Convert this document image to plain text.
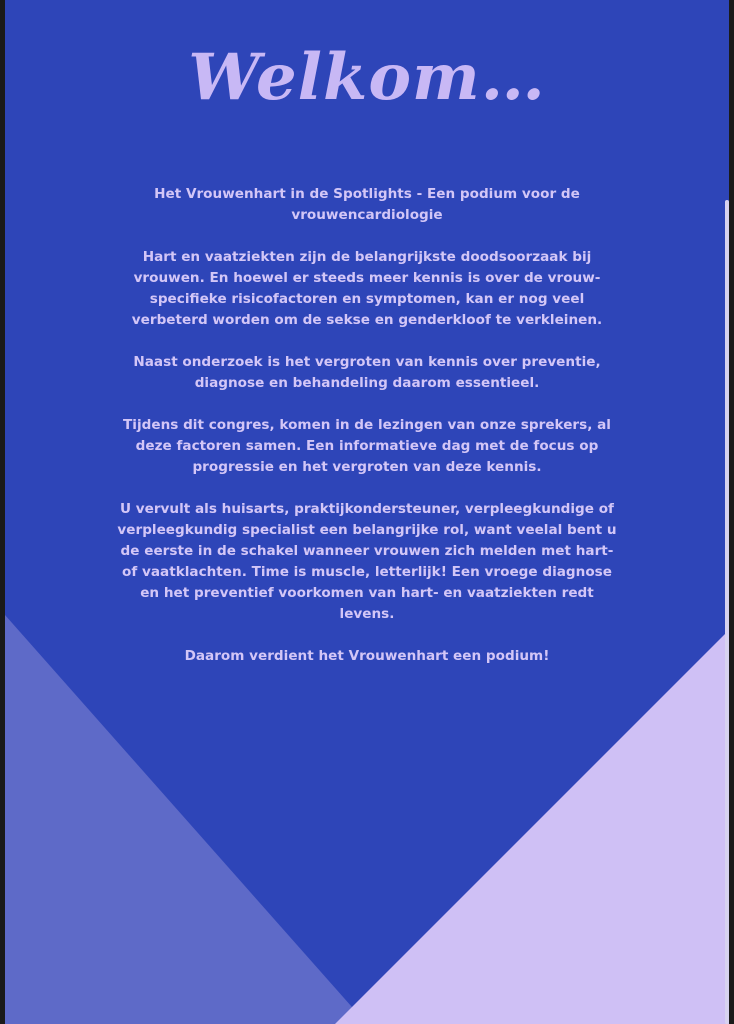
Welkom…

Het Vrouwenhart in de Spotlights - Een podium voor de vrouwencardiologie

Hart en vaatziekten zijn de belangrijkste doodsoorzaak bij vrouwen. En hoewel er steeds meer kennis is over de vrouw-specifieke risicofactoren en symptomen, kan er nog veel verbeterd worden om de sekse en genderkloof te verkleinen.

Naast onderzoek is het vergroten van kennis over preventie, diagnose en behandeling daarom essentieel.

Tijdens dit congres, komen in de lezingen van onze sprekers, al deze factoren samen. Een informatieve dag met de focus op progressie en het vergroten van deze kennis.

U vervult als huisarts, praktijkondersteuner, verpleegkundige of verpleegkundig specialist een belangrijke rol, want veelal bent u de eerste in de schakel wanneer vrouwen zich melden met hart- of vaatklachten. Time is muscle, letterlijk! Een vroege diagnose en het preventief voorkomen van hart- en vaatziekten redt levens.

Daarom verdient het Vrouwenhart een podium!
